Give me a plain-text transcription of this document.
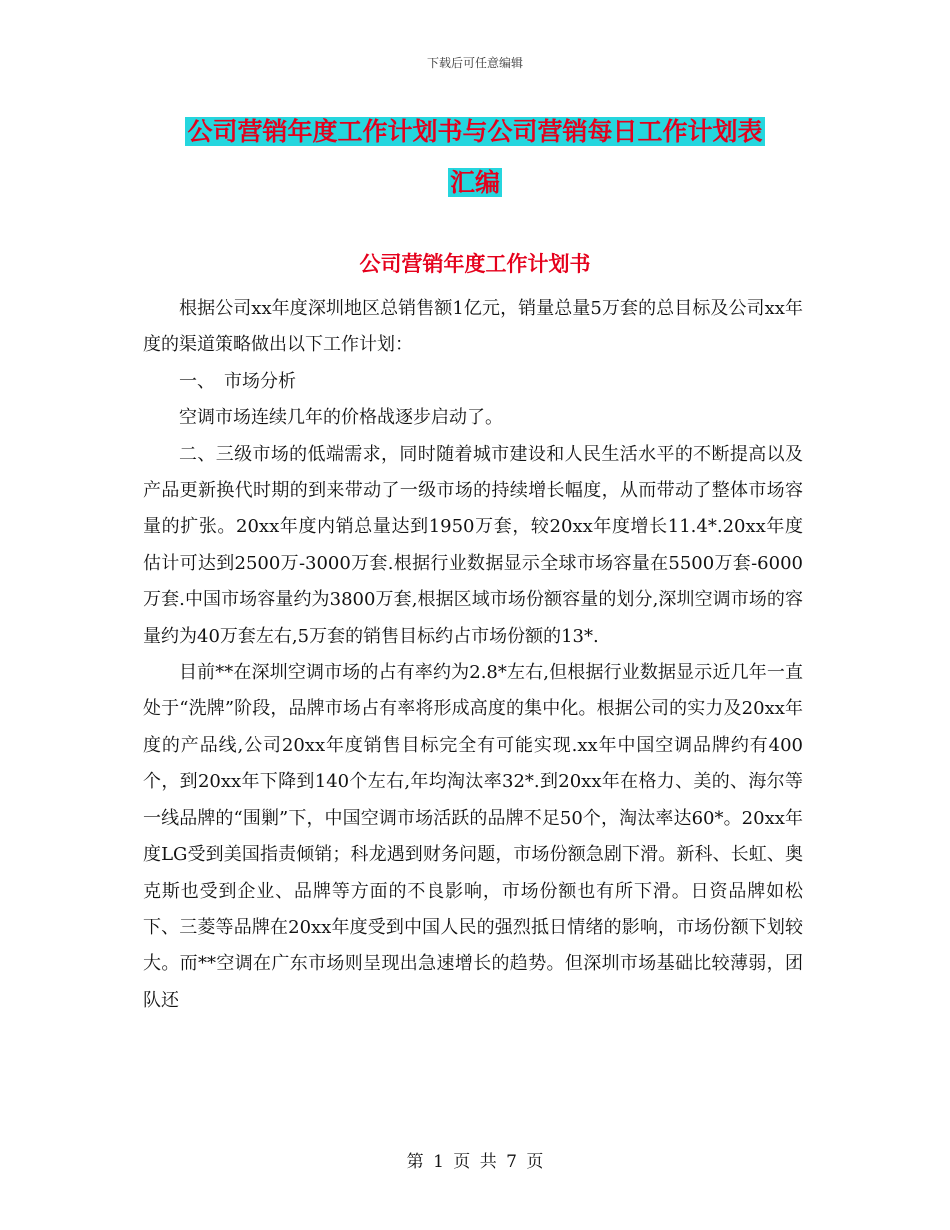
下载后可任意编辑
公司营销年度工作计划书与公司营销每日工作计划表
汇编
公司营销年度工作计划书

根据公司xx年度深圳地区总销售额1亿元，销量总量5万套的总目标及公司xx年度的渠道策略做出以下工作计划：

一、　市场分析

空调市场连续几年的价格战逐步启动了。

二、三级市场的低端需求，同时随着城市建设和人民生活水平的不断提高以及产品更新换代时期的到来带动了一级市场的持续增长幅度，从而带动了整体市场容量的扩张。20xx年度内销总量达到1950万套，较20xx年度增长11.4*.20xx年度估计可达到2500万-3000万套.根据行业数据显示全球市场容量在5500万套-6000万套.中国市场容量约为3800万套,根据区域市场份额容量的划分,深圳空调市场的容量约为40万套左右,5万套的销售目标约占市场份额的13*.

目前**在深圳空调市场的占有率约为2.8*左右,但根据行业数据显示近几年一直处于“洗牌”阶段，品牌市场占有率将形成高度的集中化。根据公司的实力及20xx年度的产品线,公司20xx年度销售目标完全有可能实现.xx年中国空调品牌约有400个，到20xx年下降到140个左右,年均淘汰率32*.到20xx年在格力、美的、海尔等一线品牌的“围剿”下，中国空调市场活跃的品牌不足50个，淘汰率达60*。20xx年度LG受到美国指责倾销；科龙遇到财务问题，市场份额急剧下滑。新科、长虹、奥克斯也受到企业、品牌等方面的不良影响，市场份额也有所下滑。日资品牌如松下、三菱等品牌在20xx年度受到中国人民的强烈抵日情绪的影响，市场份额下划较大。而**空调在广东市场则呈现出急速增长的趋势。但深圳市场基础比较薄弱，团队还

第 1 页 共 7 页
